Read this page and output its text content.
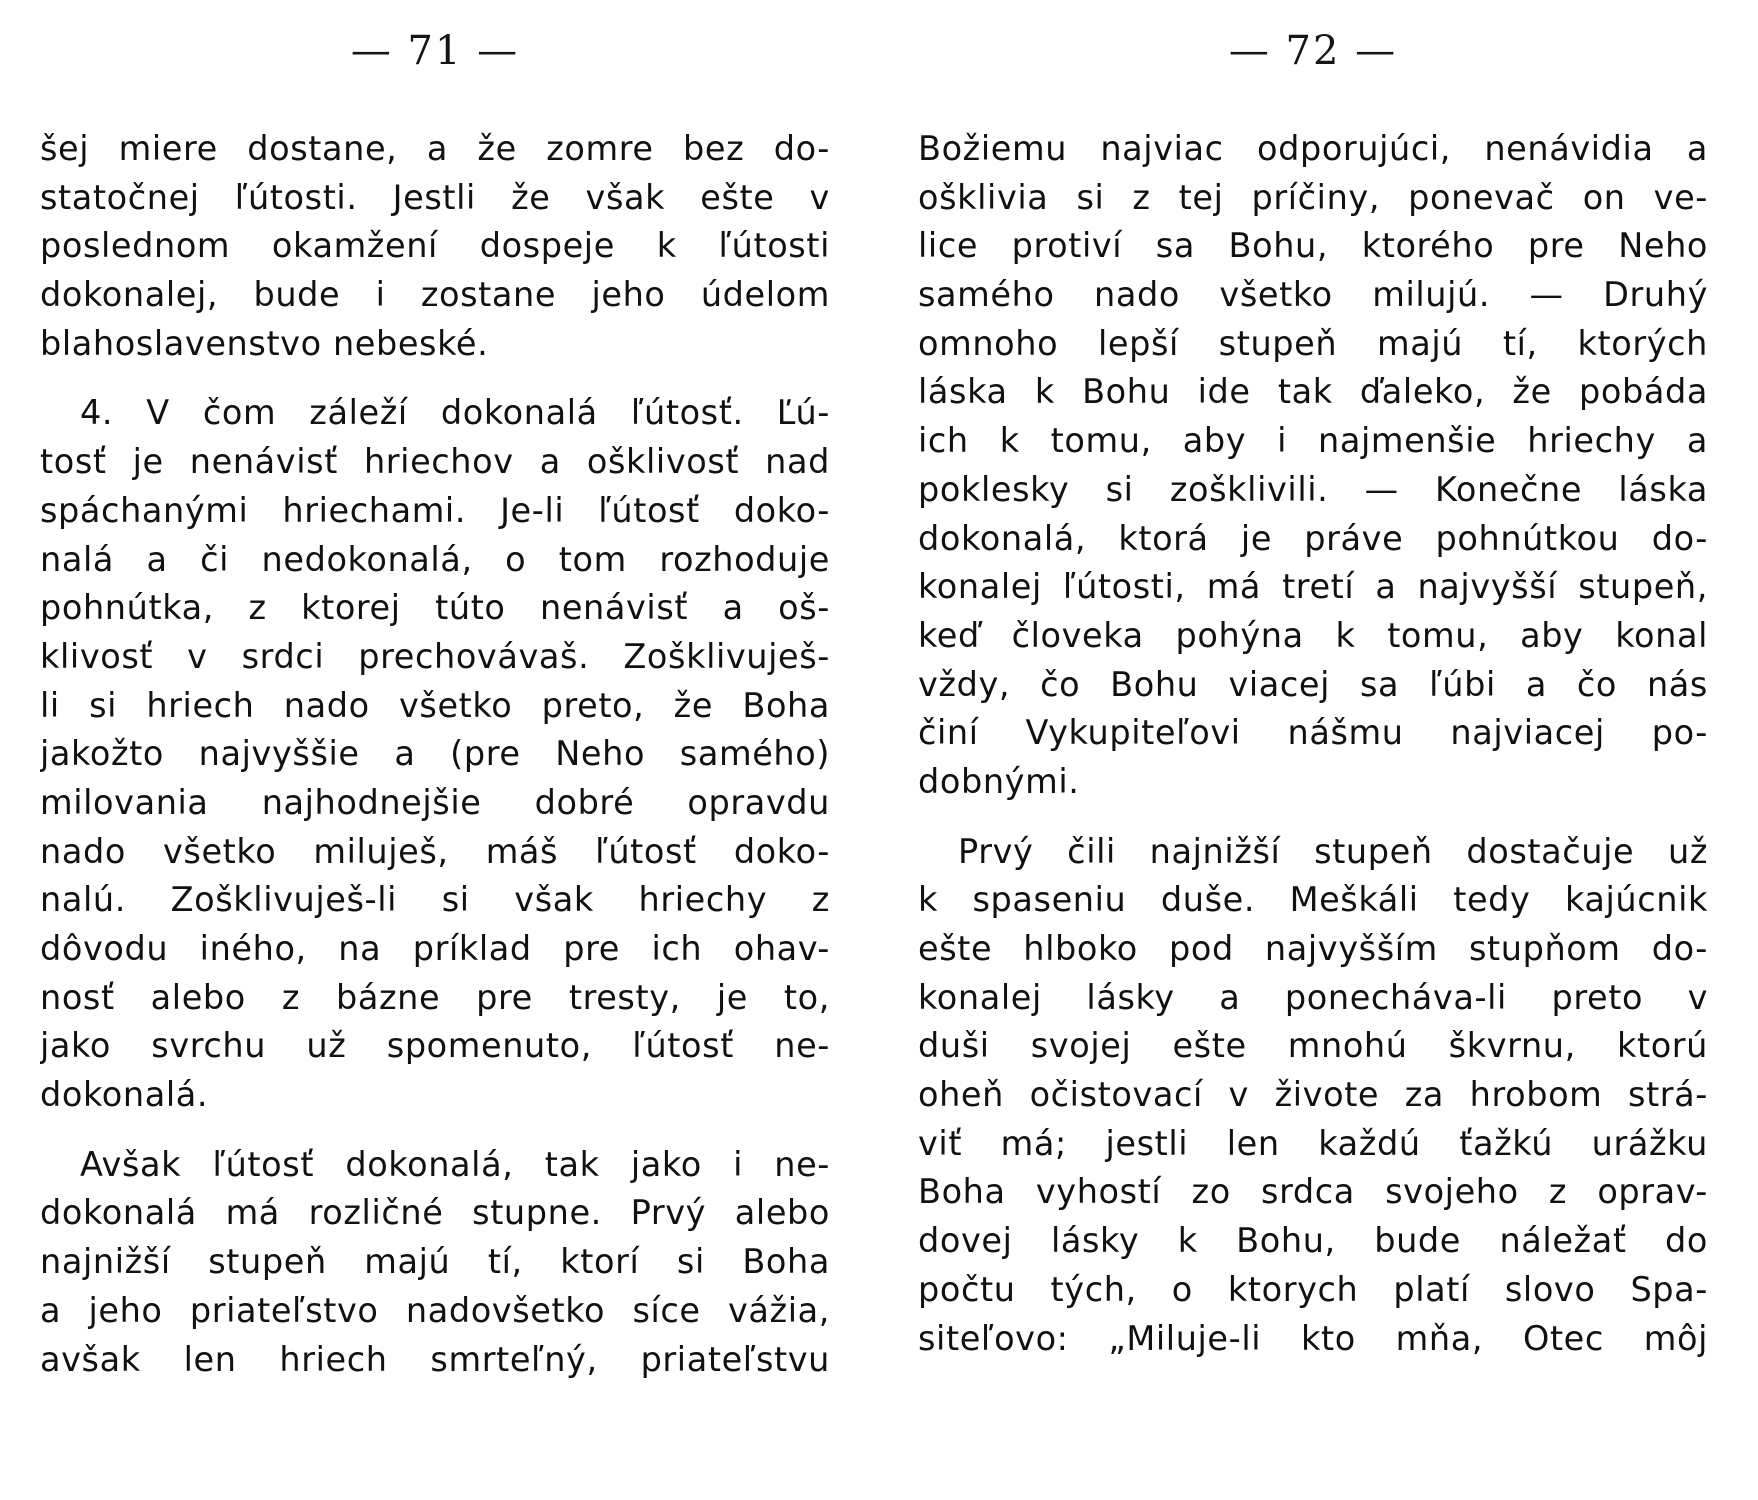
— 71 —
šej miere dostane, a že zomre bez do-
statočnej ľútosti. Jestli že však ešte v
poslednom okamžení dospeje k ľútosti
dokonalej, bude i zostane jeho údelom
blahoslavenstvo nebeské.
4. V čom záleží dokonalá ľútosť. Ľú-
tosť je nenávisť hriechov a ošklivosť nad
spáchanými hriechami. Je-li ľútosť doko-
nalá a či nedokonalá, o tom rozhoduje
pohnútka, z ktorej túto nenávisť a oš-
klivosť v srdci prechovávaš. Zošklivuješ-
li si hriech nado všetko preto, že Boha
jakožto najvyššie a (pre Neho samého)
milovania najhodnejšie dobré opravdu
nado všetko miluješ, máš ľútosť doko-
nalú. Zošklivuješ-li si však hriechy z
dôvodu iného, na príklad pre ich ohav-
nosť alebo z bázne pre tresty, je to,
jako svrchu už spomenuto, ľútosť ne-
dokonalá.
Avšak ľútosť dokonalá, tak jako i ne-
dokonalá má rozličné stupne. Prvý alebo
najnižší stupeň majú tí, ktorí si Boha
a jeho priateľstvo nadovšetko síce vážia,
avšak len hriech smrteľný, priateľstvu
— 72 —
Božiemu najviac odporujúci, nenávidia a
ošklivia si z tej príčiny, ponevač on ve-
lice protiví sa Bohu, ktorého pre Neho
samého nado všetko milujú. — Druhý
omnoho lepší stupeň majú tí, ktorých
láska k Bohu ide tak ďaleko, že pobáda
ich k tomu, aby i najmenšie hriechy a
poklesky si zošklivili. — Konečne láska
dokonalá, ktorá je práve pohnútkou do-
konalej ľútosti, má tretí a najvyšší stupeň,
keď človeka pohýna k tomu, aby konal
vždy, čo Bohu viacej sa ľúbi a čo nás
činí Vykupiteľovi nášmu najviacej po-
dobnými.
Prvý čili najnižší stupeň dostačuje už
k spaseniu duše. Meškáli tedy kajúcnik
ešte hlboko pod najvyšším stupňom do-
konalej lásky a ponecháva-li preto v
duši svojej ešte mnohú škvrnu, ktorú
oheň očistovací v živote za hrobom strá-
viť má; jestli len každú ťažkú urážku
Boha vyhostí zo srdca svojeho z oprav-
dovej lásky k Bohu, bude náležať do
počtu tých, o ktorych platí slovo Spa-
siteľovo: „Miluje-li kto mňa, Otec môj
